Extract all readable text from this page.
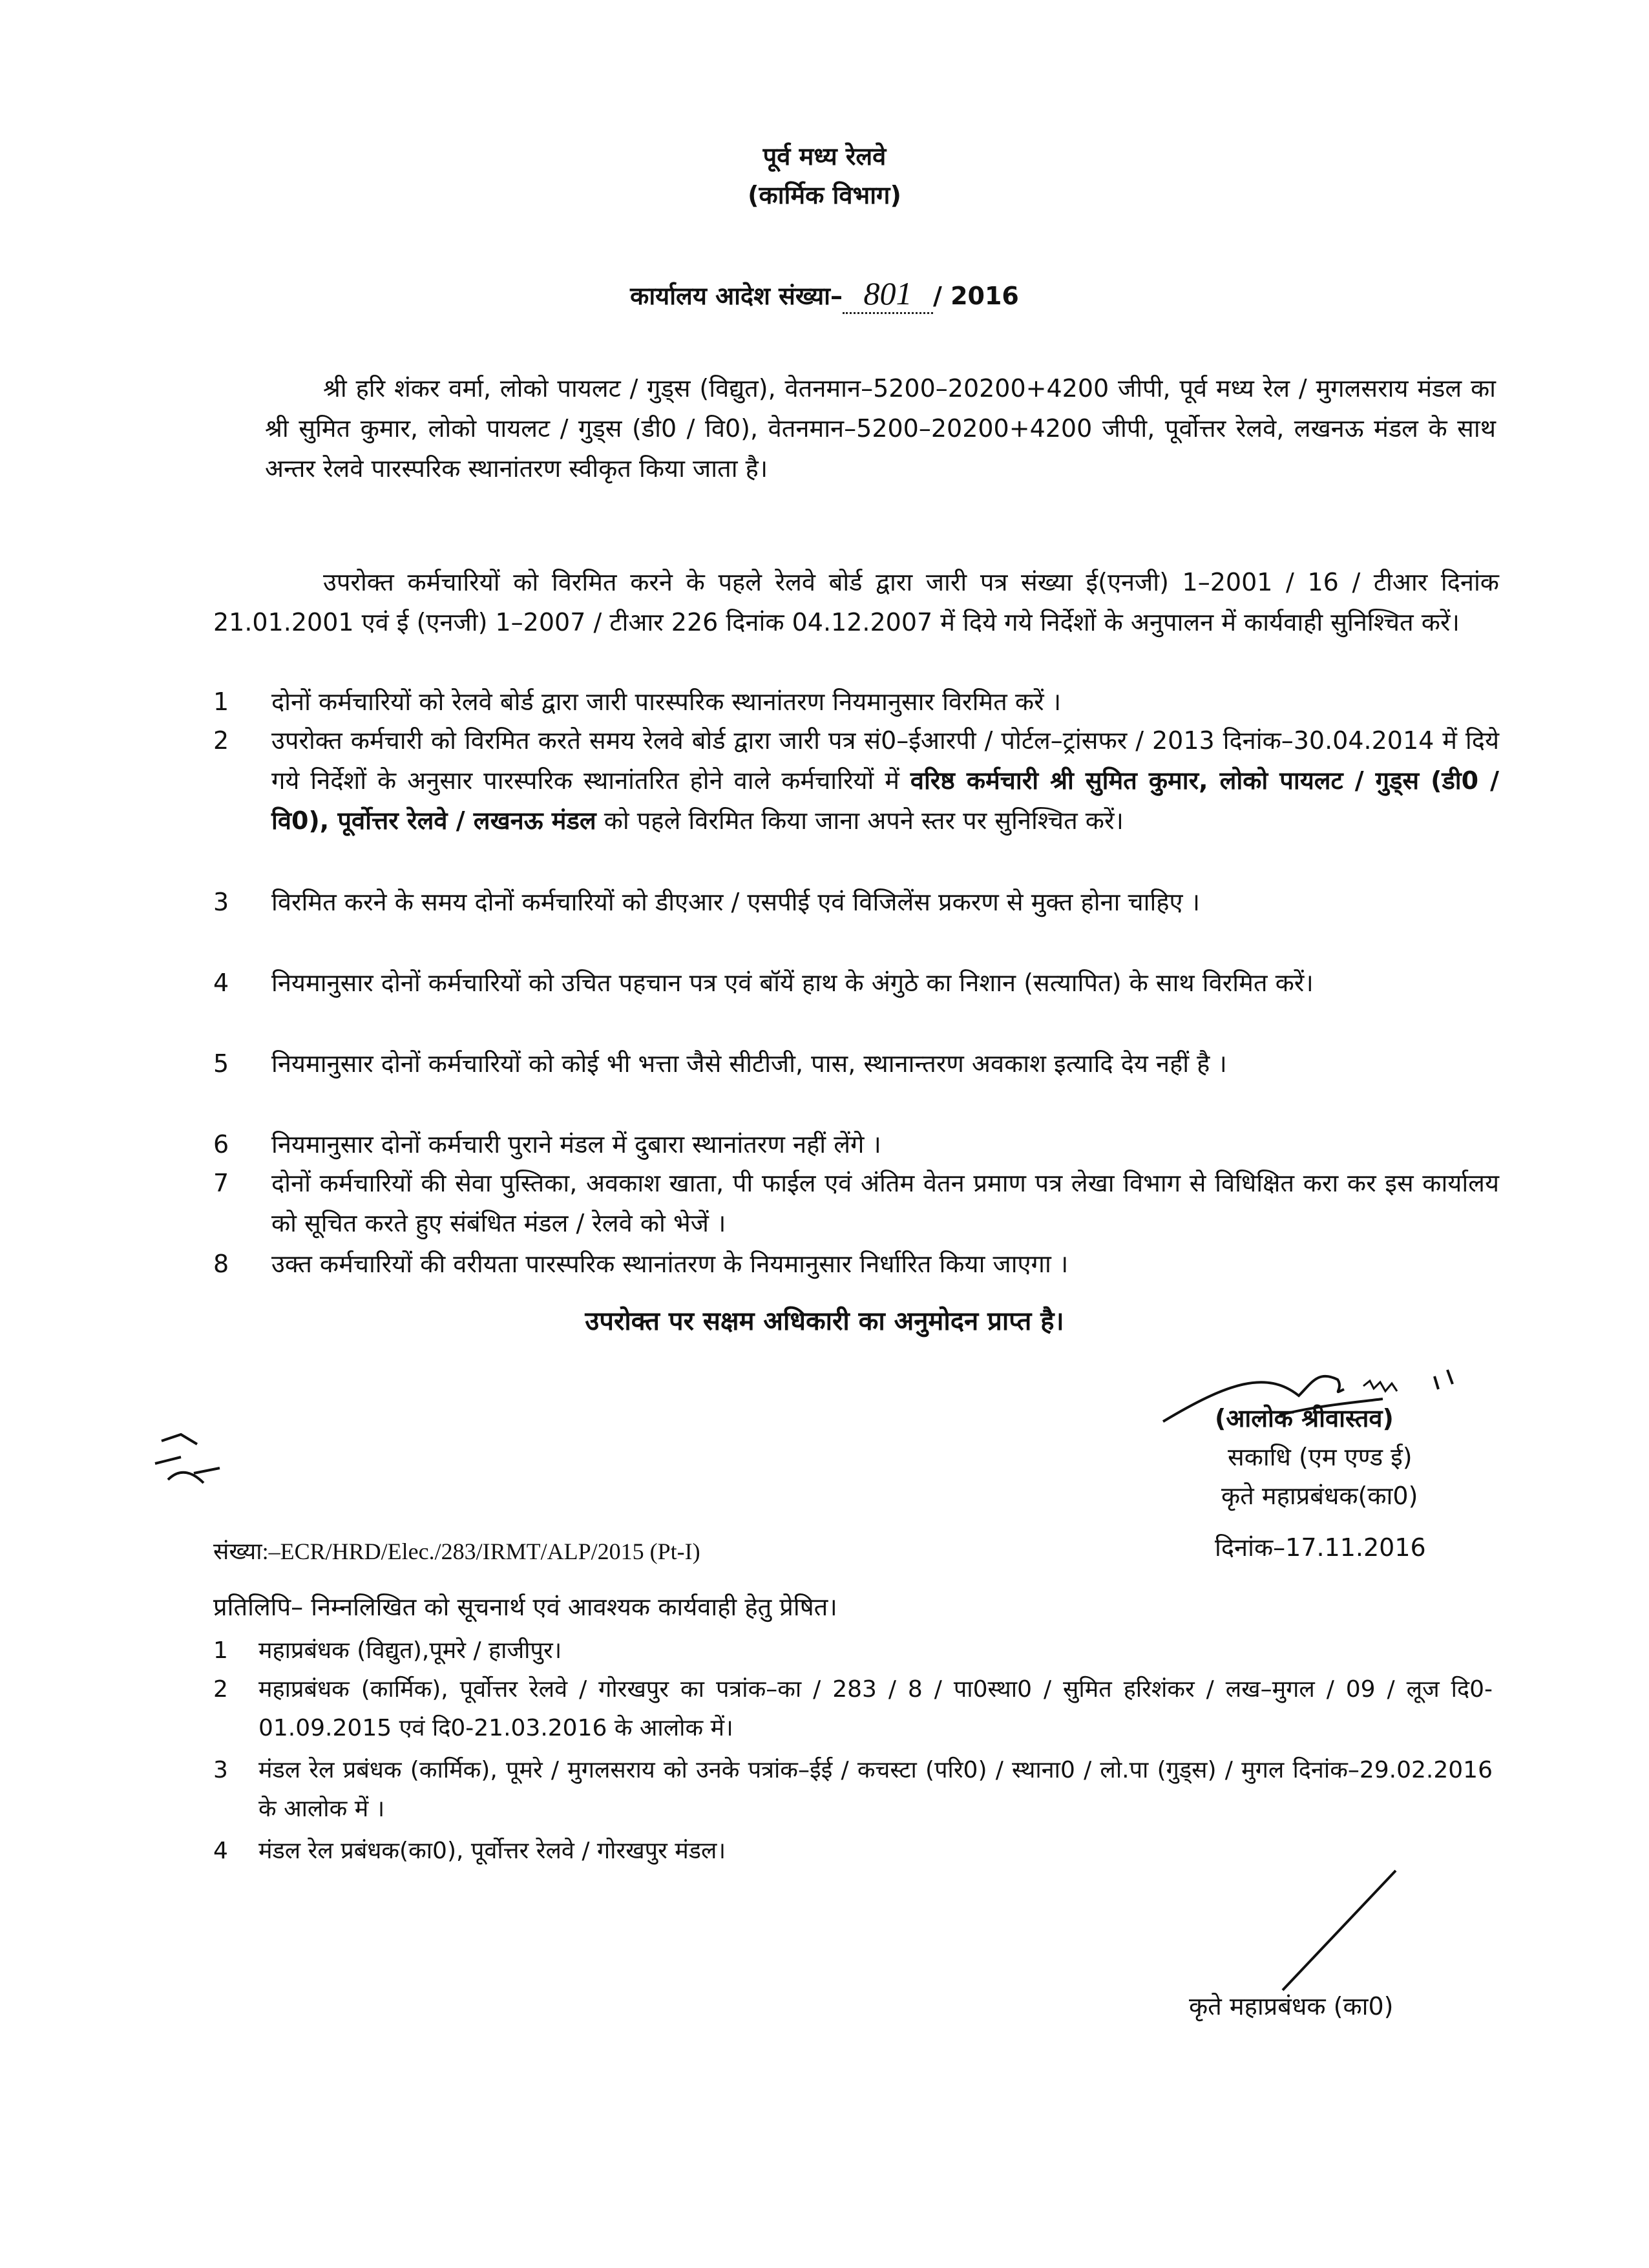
पूर्व मध्य रेलवे
(कार्मिक विभाग)
कार्यालय आदेश संख्या– 801 / 2016
श्री हरि शंकर वर्मा, लोको पायलट / गुड्स (विद्युत), वेतनमान–5200–20200+4200 जीपी, पूर्व मध्य रेल / मुगलसराय मंडल का श्री सुमित कुमार, लोको पायलट / गुड्स (डी0 / वि0), वेतनमान–5200–20200+4200 जीपी, पूर्वोत्तर रेलवे, लखनऊ मंडल के साथ अन्तर रेलवे पारस्परिक स्थानांतरण स्वीकृत किया जाता है।
उपरोक्त कर्मचारियों को विरमित करने के पहले रेलवे बोर्ड द्वारा जारी पत्र संख्या ई(एनजी) 1–2001 / 16 / टीआर दिनांक 21.01.2001 एवं ई (एनजी) 1–2007 / टीआर 226 दिनांक 04.12.2007 में दिये गये निर्देशों के अनुपालन में कार्यवाही सुनिश्चित करें।
1	दोनों कर्मचारियों को रेलवे बोर्ड द्वारा जारी पारस्परिक स्थानांतरण नियमानुसार विरमित करें ।
2	उपरोक्त कर्मचारी को विरमित करते समय रेलवे बोर्ड द्वारा जारी पत्र सं0–ईआरपी / पोर्टल–ट्रांसफर / 2013 दिनांक–30.04.2014 में दिये गये निर्देशों के अनुसार पारस्परिक स्थानांतरित होने वाले कर्मचारियों में वरिष्ठ कर्मचारी श्री सुमित कुमार, लोको पायलट / गुड्स (डी0 / वि0), पूर्वोत्तर रेलवे / लखनऊ मंडल को पहले विरमित किया जाना अपने स्तर पर सुनिश्चित करें।
3	विरमित करने के समय दोनों कर्मचारियों को डीएआर / एसपीई एवं विजिलेंस प्रकरण से मुक्त होना चाहिए ।
4	नियमानुसार दोनों कर्मचारियों को उचित पहचान पत्र एवं बॉयें हाथ के अंगुठे का निशान (सत्यापित) के साथ विरमित करें।
5	नियमानुसार दोनों कर्मचारियों को कोई भी भत्ता जैसे सीटीजी, पास, स्थानान्तरण अवकाश इत्यादि देय नहीं है ।
6	नियमानुसार दोनों कर्मचारी पुराने मंडल में दुबारा स्थानांतरण नहीं लेंगे ।
7	दोनों कर्मचारियों की सेवा पुस्तिका, अवकाश खाता, पी फाईल एवं अंतिम वेतन प्रमाण पत्र लेखा विभाग से विधिक्षित करा कर इस कार्यालय को सूचित करते हुए संबंधित मंडल / रेलवे को भेजें ।
8	उक्त कर्मचारियों की वरीयता पारस्परिक स्थानांतरण के नियमानुसार निर्धारित किया जाएगा ।
उपरोक्त पर सक्षम अधिकारी का अनुमोदन प्राप्त है।
(आलोक श्रीवास्तव)
सकाधि (एम एण्ड ई)
कृते महाप्रबंधक(का0)
संख्या:–ECR/HRD/Elec./283/IRMT/ALP/2015 (Pt-I)	दिनांक–17.11.2016
प्रतिलिपि– निम्नलिखित को सूचनार्थ एवं आवश्यक कार्यवाही हेतु प्रेषित।
1	महाप्रबंधक (विद्युत),पूमरे / हाजीपुर।
2	महाप्रबंधक (कार्मिक), पूर्वोत्तर रेलवे / गोरखपुर का पत्रांक–का / 283 / 8 / पा0स्था0 / सुमित हरिशंकर / लख–मुगल / 09 / लूज दि0-01.09.2015 एवं दि0-21.03.2016 के आलोक में।
3	मंडल रेल प्रबंधक (कार्मिक), पूमरे / मुगलसराय को उनके पत्रांक–ईई / कचस्टा (परि0) / स्थाना0 / लो.पा (गुड्स) / मुगल दिनांक–29.02.2016 के आलोक में ।
4	मंडल रेल प्रबंधक(का0), पूर्वोत्तर रेलवे / गोरखपुर मंडल।
कृते महाप्रबंधक (का0)
